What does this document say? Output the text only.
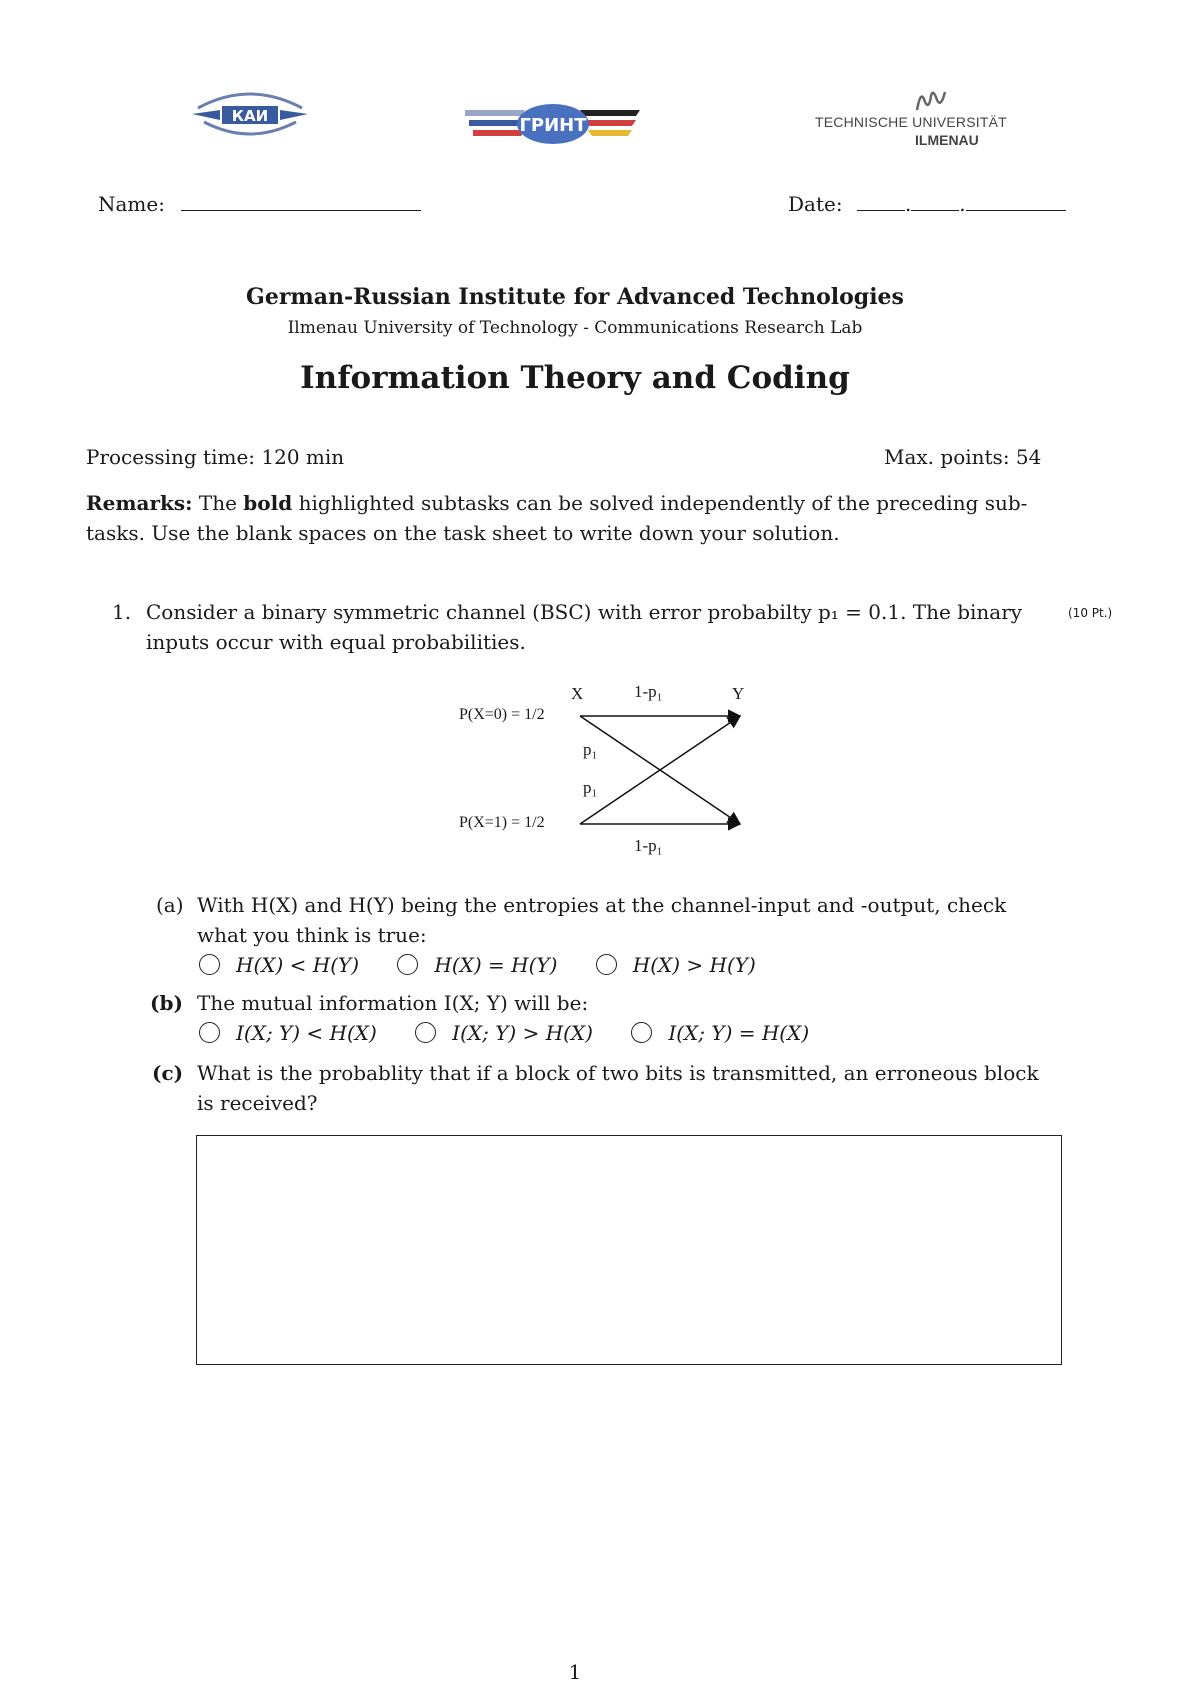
КАИ	ГРИНТ	TECHNISCHE UNIVERSITÄT
ILMENAU
Name:	Date:	. .
German-Russian Institute for Advanced Technologies
Ilmenau University of Technology - Communications Research Lab
Information Theory and Coding
Processing time: 120 min	Max. points: 54
Remarks: The bold highlighted subtasks can be solved independently of the preceding sub-
tasks. Use the blank spaces on the task sheet to write down your solution.
1. Consider a binary symmetric channel (BSC) with error probabilty p₁ = 0.1. The binary	(10 Pt.)
inputs occur with equal probabilities.
X	1-p₁	Y
P(X=0) = 1/2
p₁
p₁
P(X=1) = 1/2
1-p₁
(a) With H(X) and H(Y) being the entropies at the channel-input and -output, check
what you think is true:
H(X) < H(Y)	H(X) = H(Y)	H(X) > H(Y)
(b) The mutual information I(X; Y) will be:
I(X; Y) < H(X)	I(X; Y) > H(X)	I(X; Y) = H(X)
(c) What is the probablity that if a block of two bits is transmitted, an erroneous block
is received?
1
